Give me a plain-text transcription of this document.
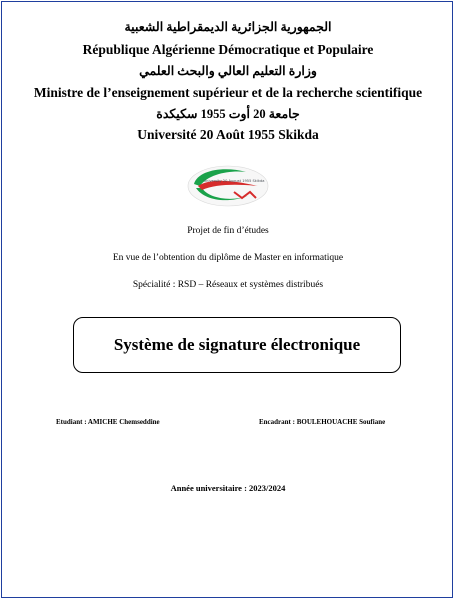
الجمهورية الجزائرية الديمقراطية الشعبية
République Algérienne Démocratique et Populaire
وزارة التعليم العالي والبحث العلمي
Ministre de l’enseignement supérieur et de la recherche scientifique
جامعة 20 أوت 1955 سكيكدة
Université 20 Août 1955 Skikda
University 20 August 1955 Skikda
Projet de fin d’études
En vue de l’obtention du diplôme de Master en informatique
Spécialité : RSD – Réseaux et systèmes distribués
Système de signature électronique
Etudiant : AMICHE Chemseddine	Encadrant : BOULEHOUACHE Soufiane
Année universitaire : 2023/2024
